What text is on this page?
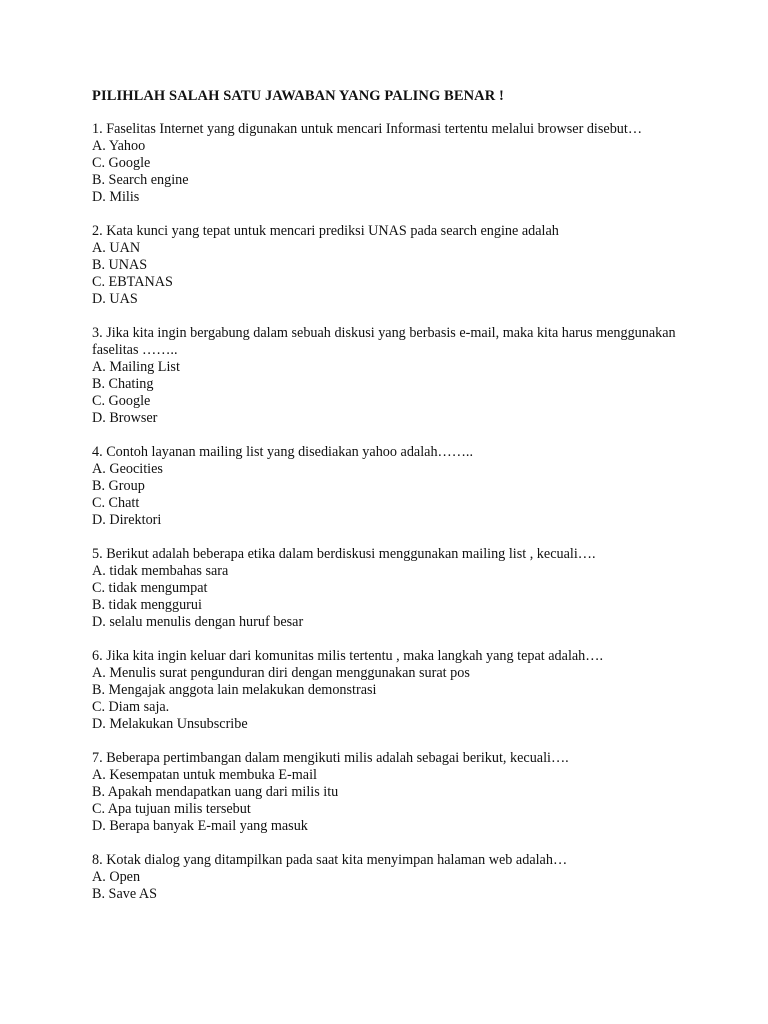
PILIHLAH SALAH SATU JAWABAN YANG PALING BENAR !

1. Faselitas Internet yang digunakan untuk mencari Informasi tertentu melalui browser disebut…

A. Yahoo

C. Google

B. Search engine

D. Milis

2. Kata kunci yang tepat untuk mencari prediksi UNAS pada search engine adalah

A. UAN

B. UNAS

C. EBTANAS

D. UAS

3. Jika kita ingin bergabung dalam sebuah diskusi yang berbasis e-mail, maka kita harus menggunakan faselitas ……..

A. Mailing List

B. Chating

C. Google

D. Browser

4. Contoh layanan mailing list yang disediakan yahoo adalah……..

A. Geocities

B. Group

C. Chatt

D. Direktori

5. Berikut adalah beberapa etika dalam berdiskusi menggunakan mailing list , kecuali….

A. tidak membahas sara

C. tidak mengumpat

B. tidak menggurui

D. selalu menulis dengan huruf besar

6. Jika kita ingin keluar dari komunitas milis tertentu , maka langkah yang tepat adalah….

A. Menulis surat pengunduran diri dengan menggunakan surat pos

B. Mengajak anggota lain melakukan demonstrasi

C. Diam saja.

D. Melakukan Unsubscribe

7. Beberapa pertimbangan dalam mengikuti milis adalah sebagai berikut, kecuali….

A. Kesempatan untuk membuka E-mail

B. Apakah mendapatkan uang dari milis itu

C. Apa tujuan milis tersebut

D. Berapa banyak E-mail yang masuk

8. Kotak dialog yang ditampilkan pada saat kita menyimpan halaman web adalah…

A. Open

B. Save AS
